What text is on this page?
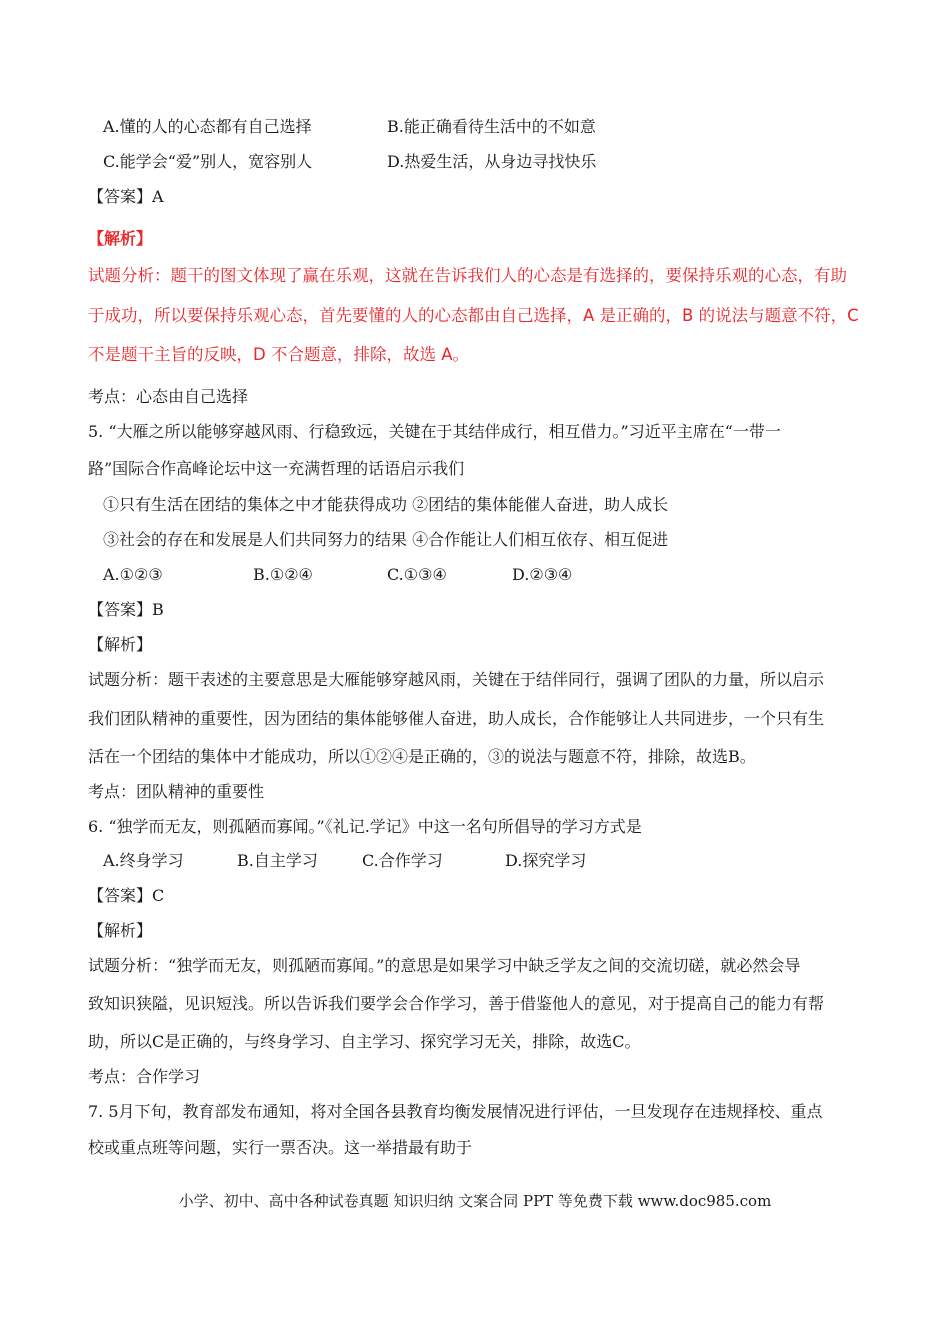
A.懂的人的心态都有自己选择	B.能正确看待生活中的不如意
C.能学会“爱”别人，宽容别人	D.热爱生活，从身边寻找快乐
【答案】A
【解析】
试题分析：题干的图文体现了赢在乐观，这就在告诉我们人的心态是有选择的，要保持乐观的心态，有助
于成功，所以要保持乐观心态，首先要懂的人的心态都由自己选择，A 是正确的，B 的说法与题意不符，C
不是题干主旨的反映，D 不合题意，排除，故选 A。
考点：心态由自己选择
5. “大雁之所以能够穿越风雨、行稳致远，关键在于其结伴成行，相互借力。”习近平主席在“一带一
路”国际合作高峰论坛中这一充满哲理的话语启示我们
①只有生活在团结的集体之中才能获得成功 ②团结的集体能催人奋进，助人成长
③社会的存在和发展是人们共同努力的结果 ④合作能让人们相互依存、相互促进
A.①②③	B.①②④	C.①③④	D.②③④
【答案】B
【解析】
试题分析：题干表述的主要意思是大雁能够穿越风雨，关键在于结伴同行，强调了团队的力量，所以启示
我们团队精神的重要性，因为团结的集体能够催人奋进，助人成长，合作能够让人共同进步，一个只有生
活在一个团结的集体中才能成功，所以①②④是正确的，③的说法与题意不符，排除，故选B。
考点：团队精神的重要性
6. “独学而无友，则孤陋而寡闻。”《礼记.学记》中这一名句所倡导的学习方式是
A.终身学习	B.自主学习	C.合作学习	D.探究学习
【答案】C
【解析】
试题分析：“独学而无友，则孤陋而寡闻。”的意思是如果学习中缺乏学友之间的交流切磋，就必然会导
致知识狭隘，见识短浅。所以告诉我们要学会合作学习，善于借鉴他人的意见，对于提高自己的能力有帮
助，所以C是正确的，与终身学习、自主学习、探究学习无关，排除，故选C。
考点：合作学习
7. 5月下旬，教育部发布通知，将对全国各县教育均衡发展情况进行评估，一旦发现存在违规择校、重点
校或重点班等问题，实行一票否决。这一举措最有助于
小学、初中、高中各种试卷真题 知识归纳 文案合同 PPT 等免费下载 www.doc985.com
